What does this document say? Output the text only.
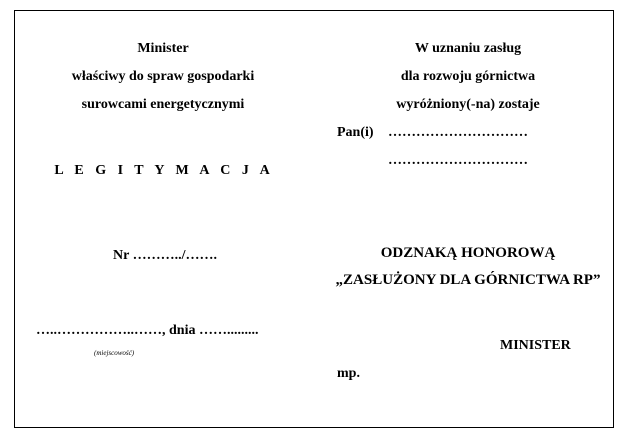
Minister
właściwy do spraw gospodarki
surowcami energetycznymi
L E G I T Y M A C J A
Nr ………../…….
…..……………..……, dnia …….........
(miejscowość)
W uznaniu zasług
dla rozwoju górnictwa
wyróżniony(-na) zostaje
Pan(i) …………………………
…………………………
ODZNAKĄ HONOROWĄ
„ZASŁUŻONY DLA GÓRNICTWA RP”
MINISTER
mp.
